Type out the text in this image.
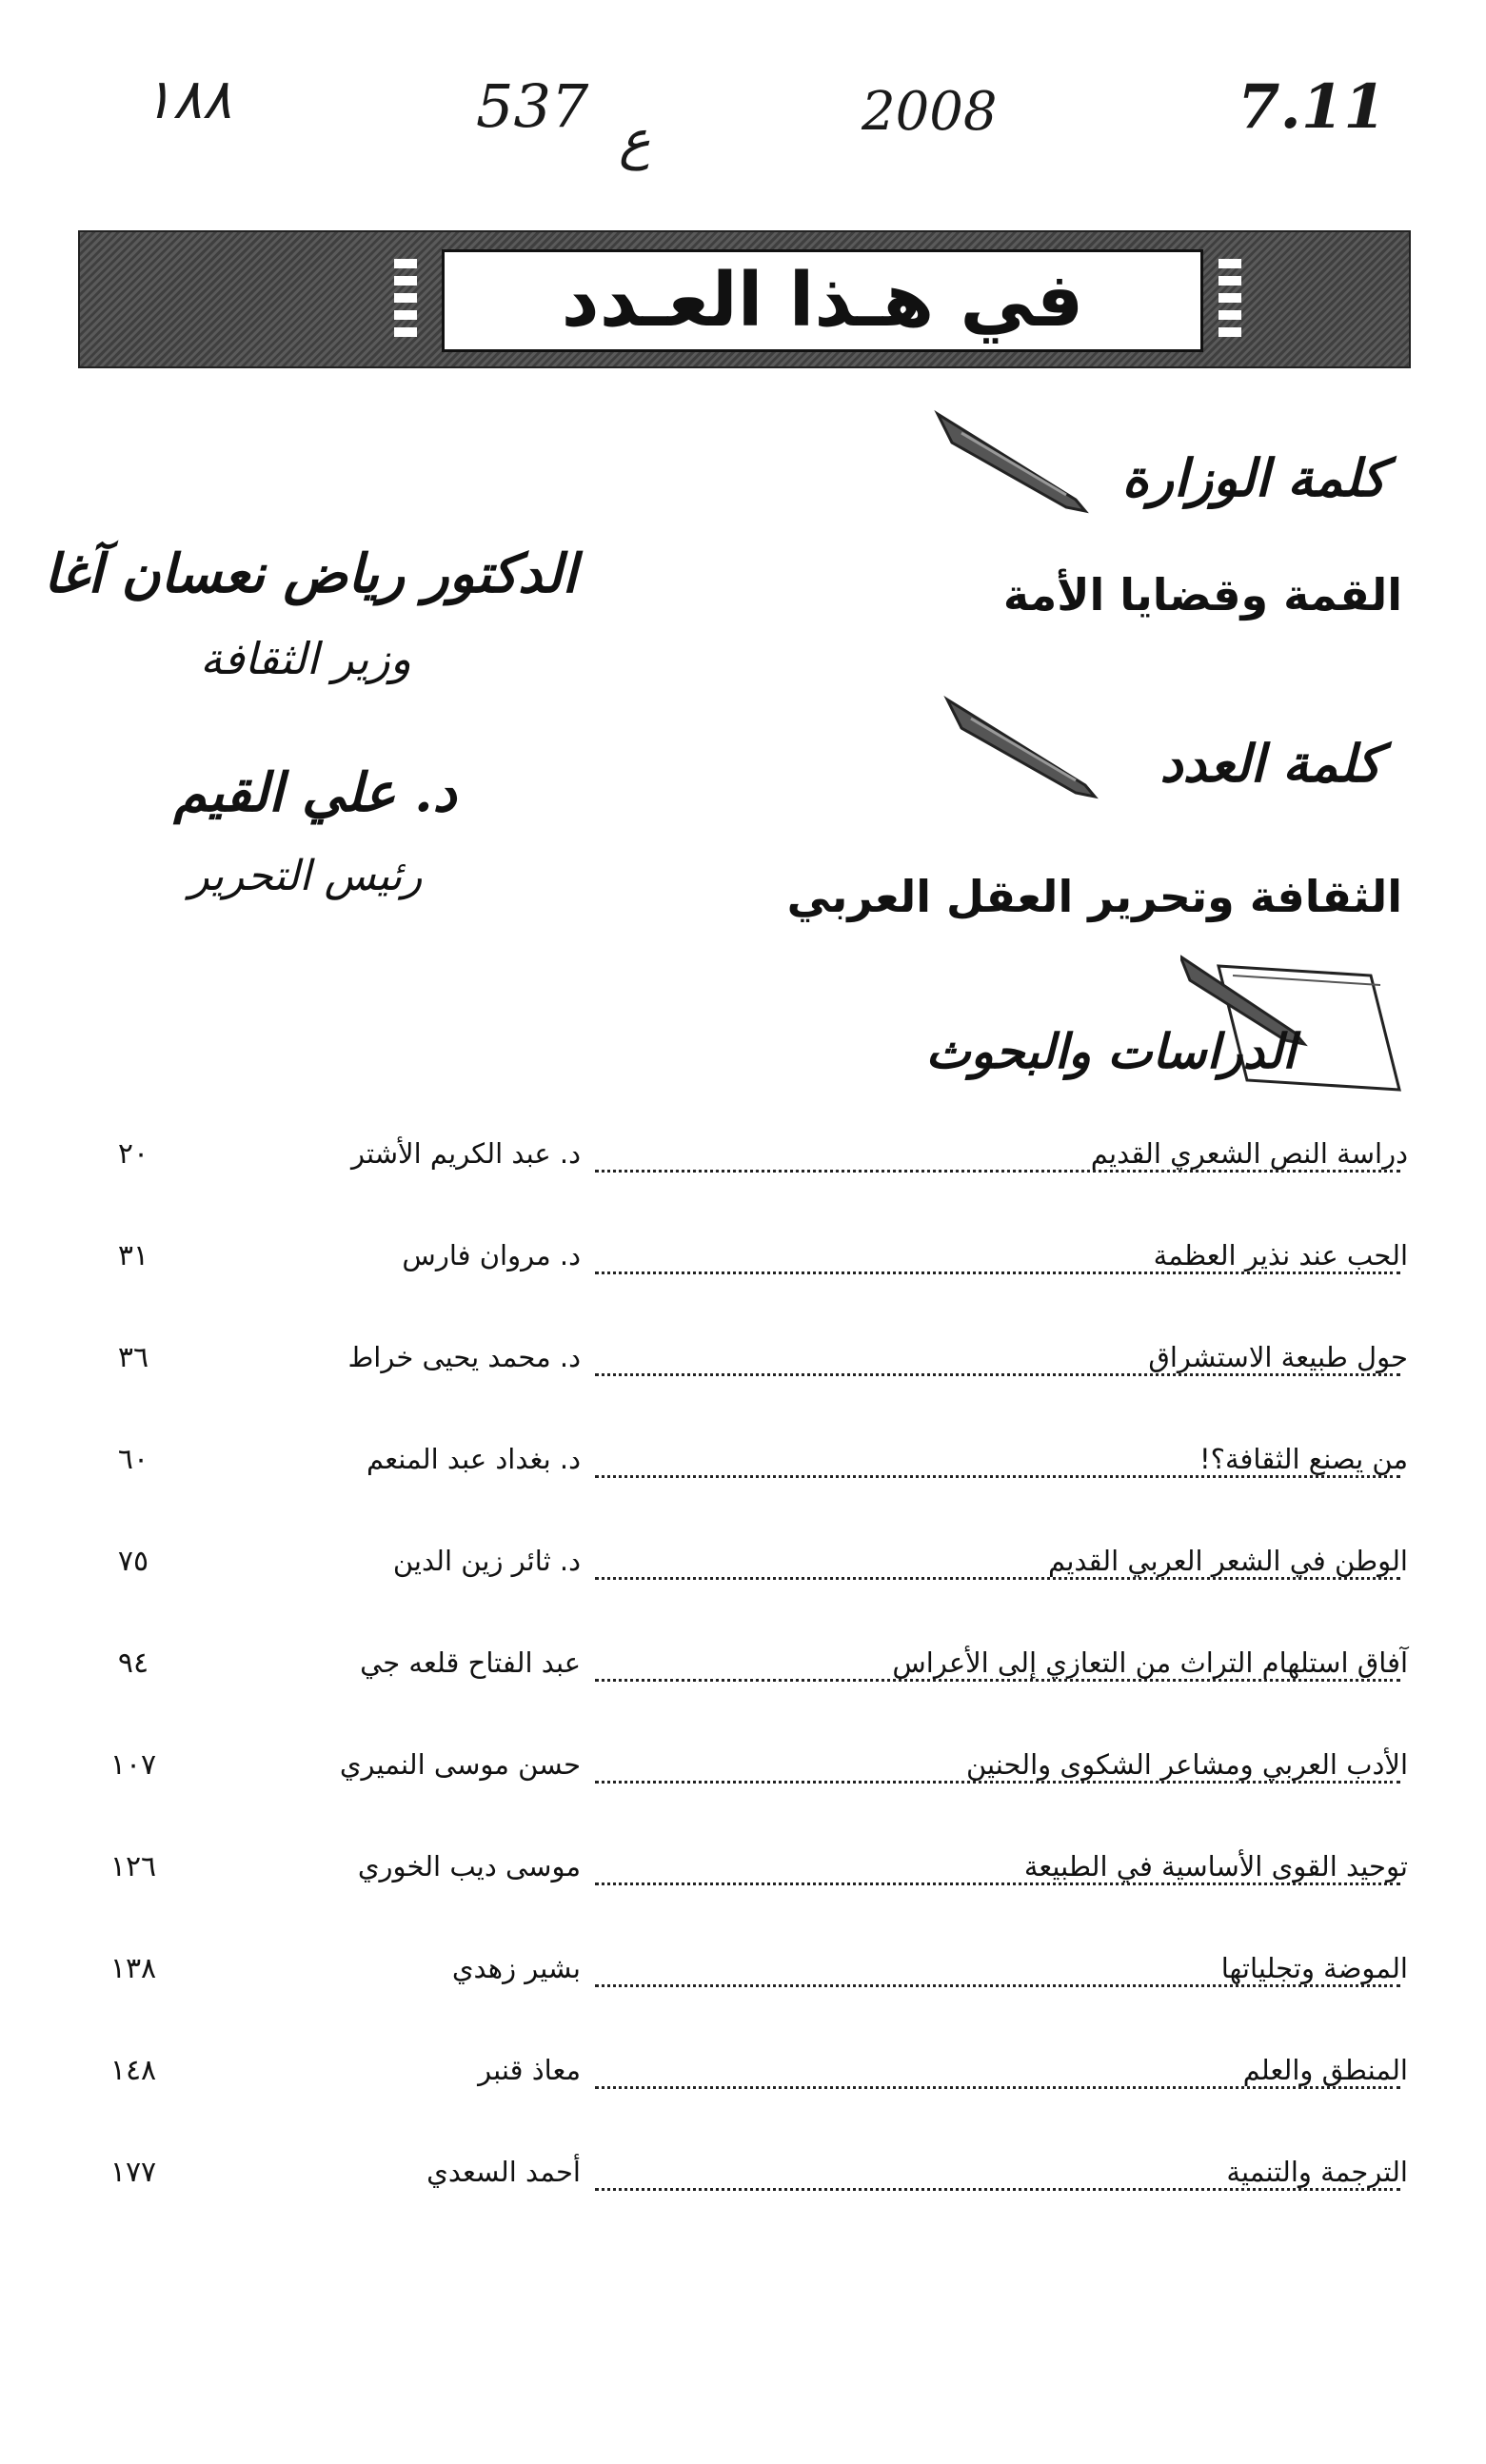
۱۸۸	537 ع	2008	7.11
في هـذا العـدد
كلمة الوزارة
القمة وقضايا الأمة
الدكتور رياض نعسان آغا
وزير الثقافة
كلمة العدد
الثقافة وتحرير العقل العربي
د. علي القيم
رئيس التحرير
الدراسات والبحوث
دراسة النص الشعري القديم
د. عبد الكريم الأشتر
٢٠
الحب عند نذير العظمة
د. مروان فارس
٣١
حول طبيعة الاستشراق
د. محمد يحيى خراط
٣٦
من يصنع الثقافة؟!
د. بغداد عبد المنعم
٦٠
الوطن في الشعر العربي القديم
د. ثائر زين الدين
٧٥
آفاق استلهام التراث من التعازي إلى الأعراس
عبد الفتاح قلعه جي
٩٤
الأدب العربي ومشاعر الشكوى والحنين
حسن موسى النميري
١٠٧
توحيد القوى الأساسية في الطبيعة
موسى ديب الخوري
١٢٦
الموضة وتجلياتها
بشير زهدي
١٣٨
المنطق والعلم
معاذ قنبر
١٤٨
الترجمة والتنمية
أحمد السعدي
١٧٧
